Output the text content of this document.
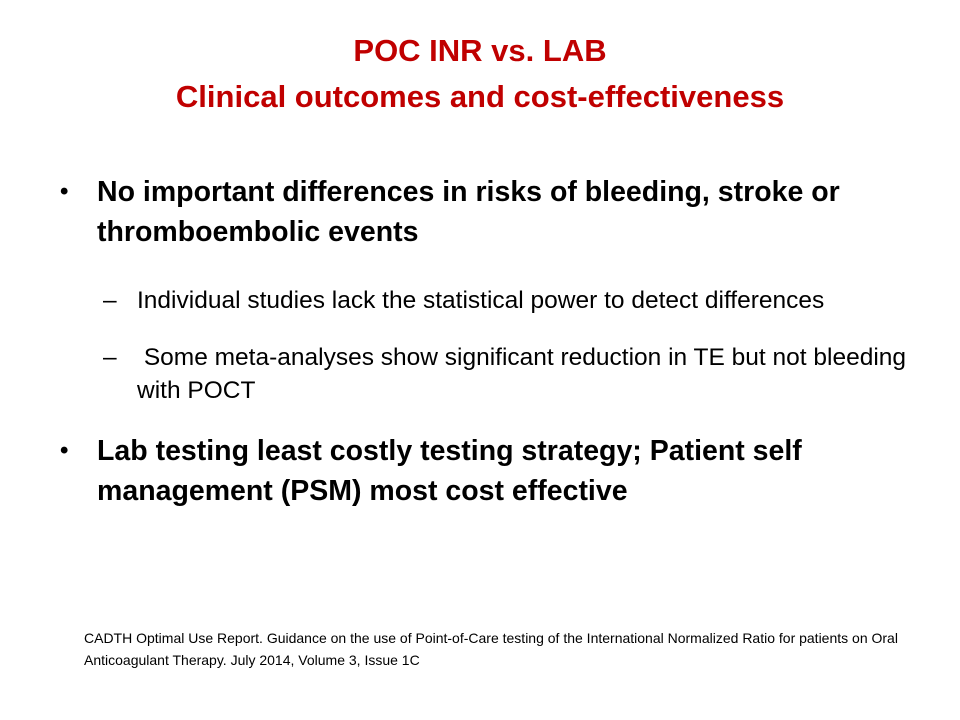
POC INR vs. LAB
Clinical outcomes and cost-effectiveness
• No important differences in risks of bleeding, stroke or thromboembolic events
– Individual studies lack the statistical power to detect differences
– Some meta-analyses show significant reduction in TE but not bleeding with POCT
• Lab testing least costly testing strategy; Patient self management (PSM) most cost effective
CADTH Optimal Use Report. Guidance on the use of Point-of-Care testing of the International Normalized Ratio for patients on Oral Anticoagulant Therapy. July 2014, Volume 3, Issue 1C
